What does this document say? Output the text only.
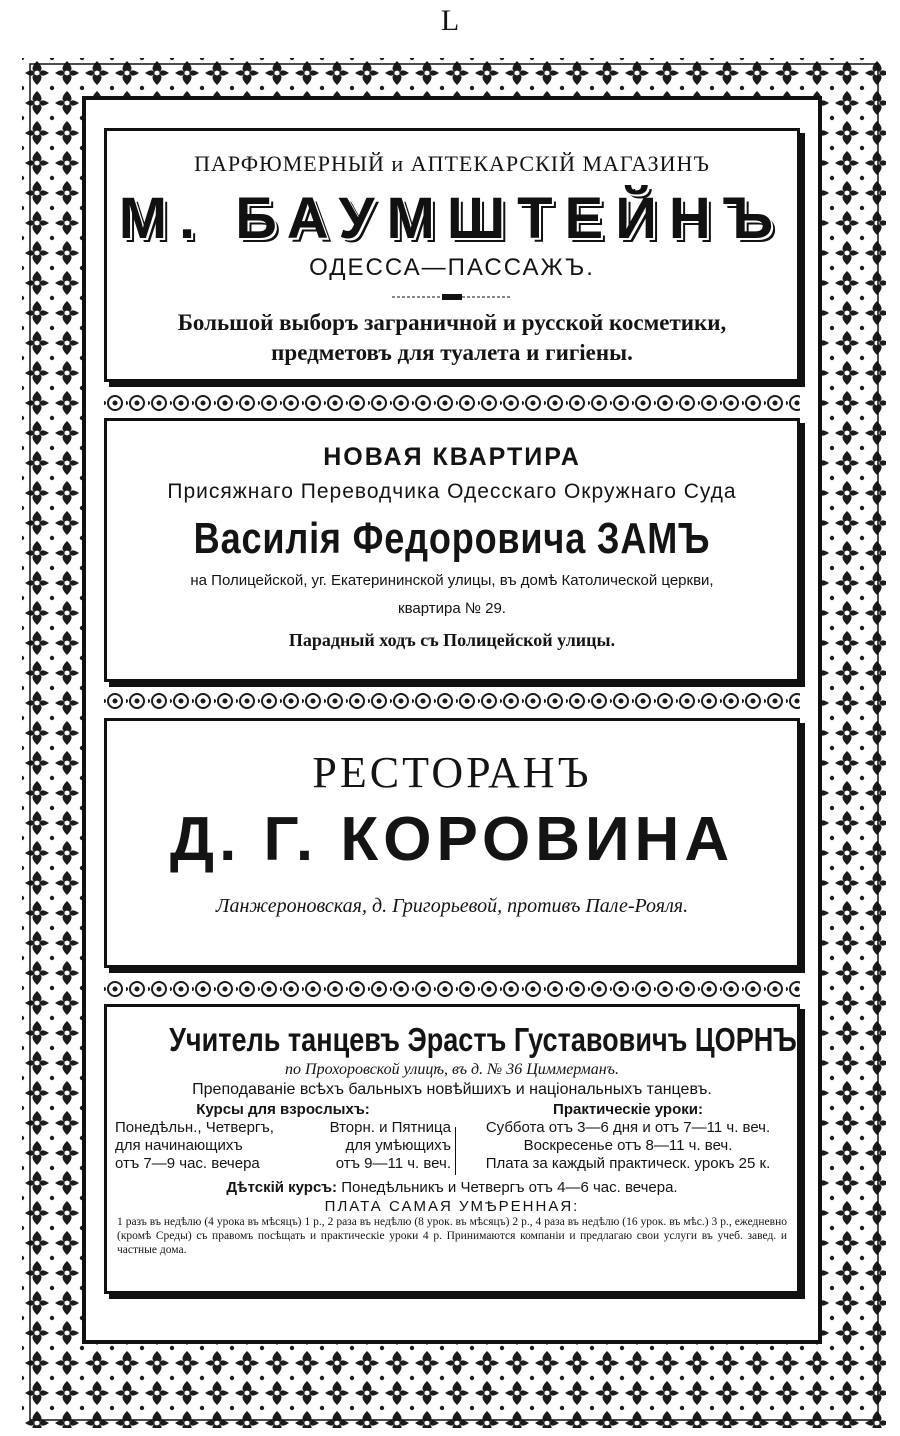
L
ПАРФЮМЕРНЫЙ и АПТЕКАРСКІЙ МАГАЗИНЪ
М. БАУМШТЕЙНЪ
ОДЕССА—ПАССАЖЪ.
Большой выборъ заграничной и русской косметики,
предметовъ для туалета и гигіены.
НОВАЯ КВАРТИРА
Присяжнаго Переводчика Одесскаго Окружнаго Суда
Василія Федоровича ЗАМЪ
на Полицейской, уг. Екатерининской улицы, въ домѣ Католической церкви,
квартира № 29.
Парадный ходъ съ Полицейской улицы.
РЕСТОРАНЪ
Д. Г. КОРОВИНА
Ланжероновская, д. Григорьевой, противъ Пале-Рояля.
Учитель танцевъ Эрастъ Густавовичъ ЦОРНЪ
по Прохоровской улицѣ, въ д. № 36 Циммерманъ.
Преподаваніе всѣхъ бальныхъ новѣйшихъ и національныхъ танцевъ.
Курсы для взрослыхъ:
Понедѣльн., Четвергъ,	Вторн. и Пятница
для начинающихъ	для умѣющихъ
отъ 7—9 час. вечера	отъ 9—11 ч. веч.
Практическіе уроки:
Суббота отъ 3—6 дня и отъ 7—11 ч. веч.
Воскресенье отъ 8—11 ч. веч.
Плата за каждый практическ. урокъ 25 к.
Дѣтскій курсъ: Понедѣльникъ и Четвергъ отъ 4—6 час. вечера.
ПЛАТА САМАЯ УМѢРЕННАЯ:
1 разъ въ недѣлю (4 урока въ мѣсяцъ) 1 р., 2 раза въ недѣлю (8 урок. въ мѣсяцъ) 2 р., 4 раза въ недѣлю (16 урок. въ мѣс.) 3 р., ежедневно (кромѣ Среды) съ правомъ посѣщать и практическіе уроки 4 р. Принимаются компаніи и предлагаю свои услуги въ учеб. завед. и частные дома.
